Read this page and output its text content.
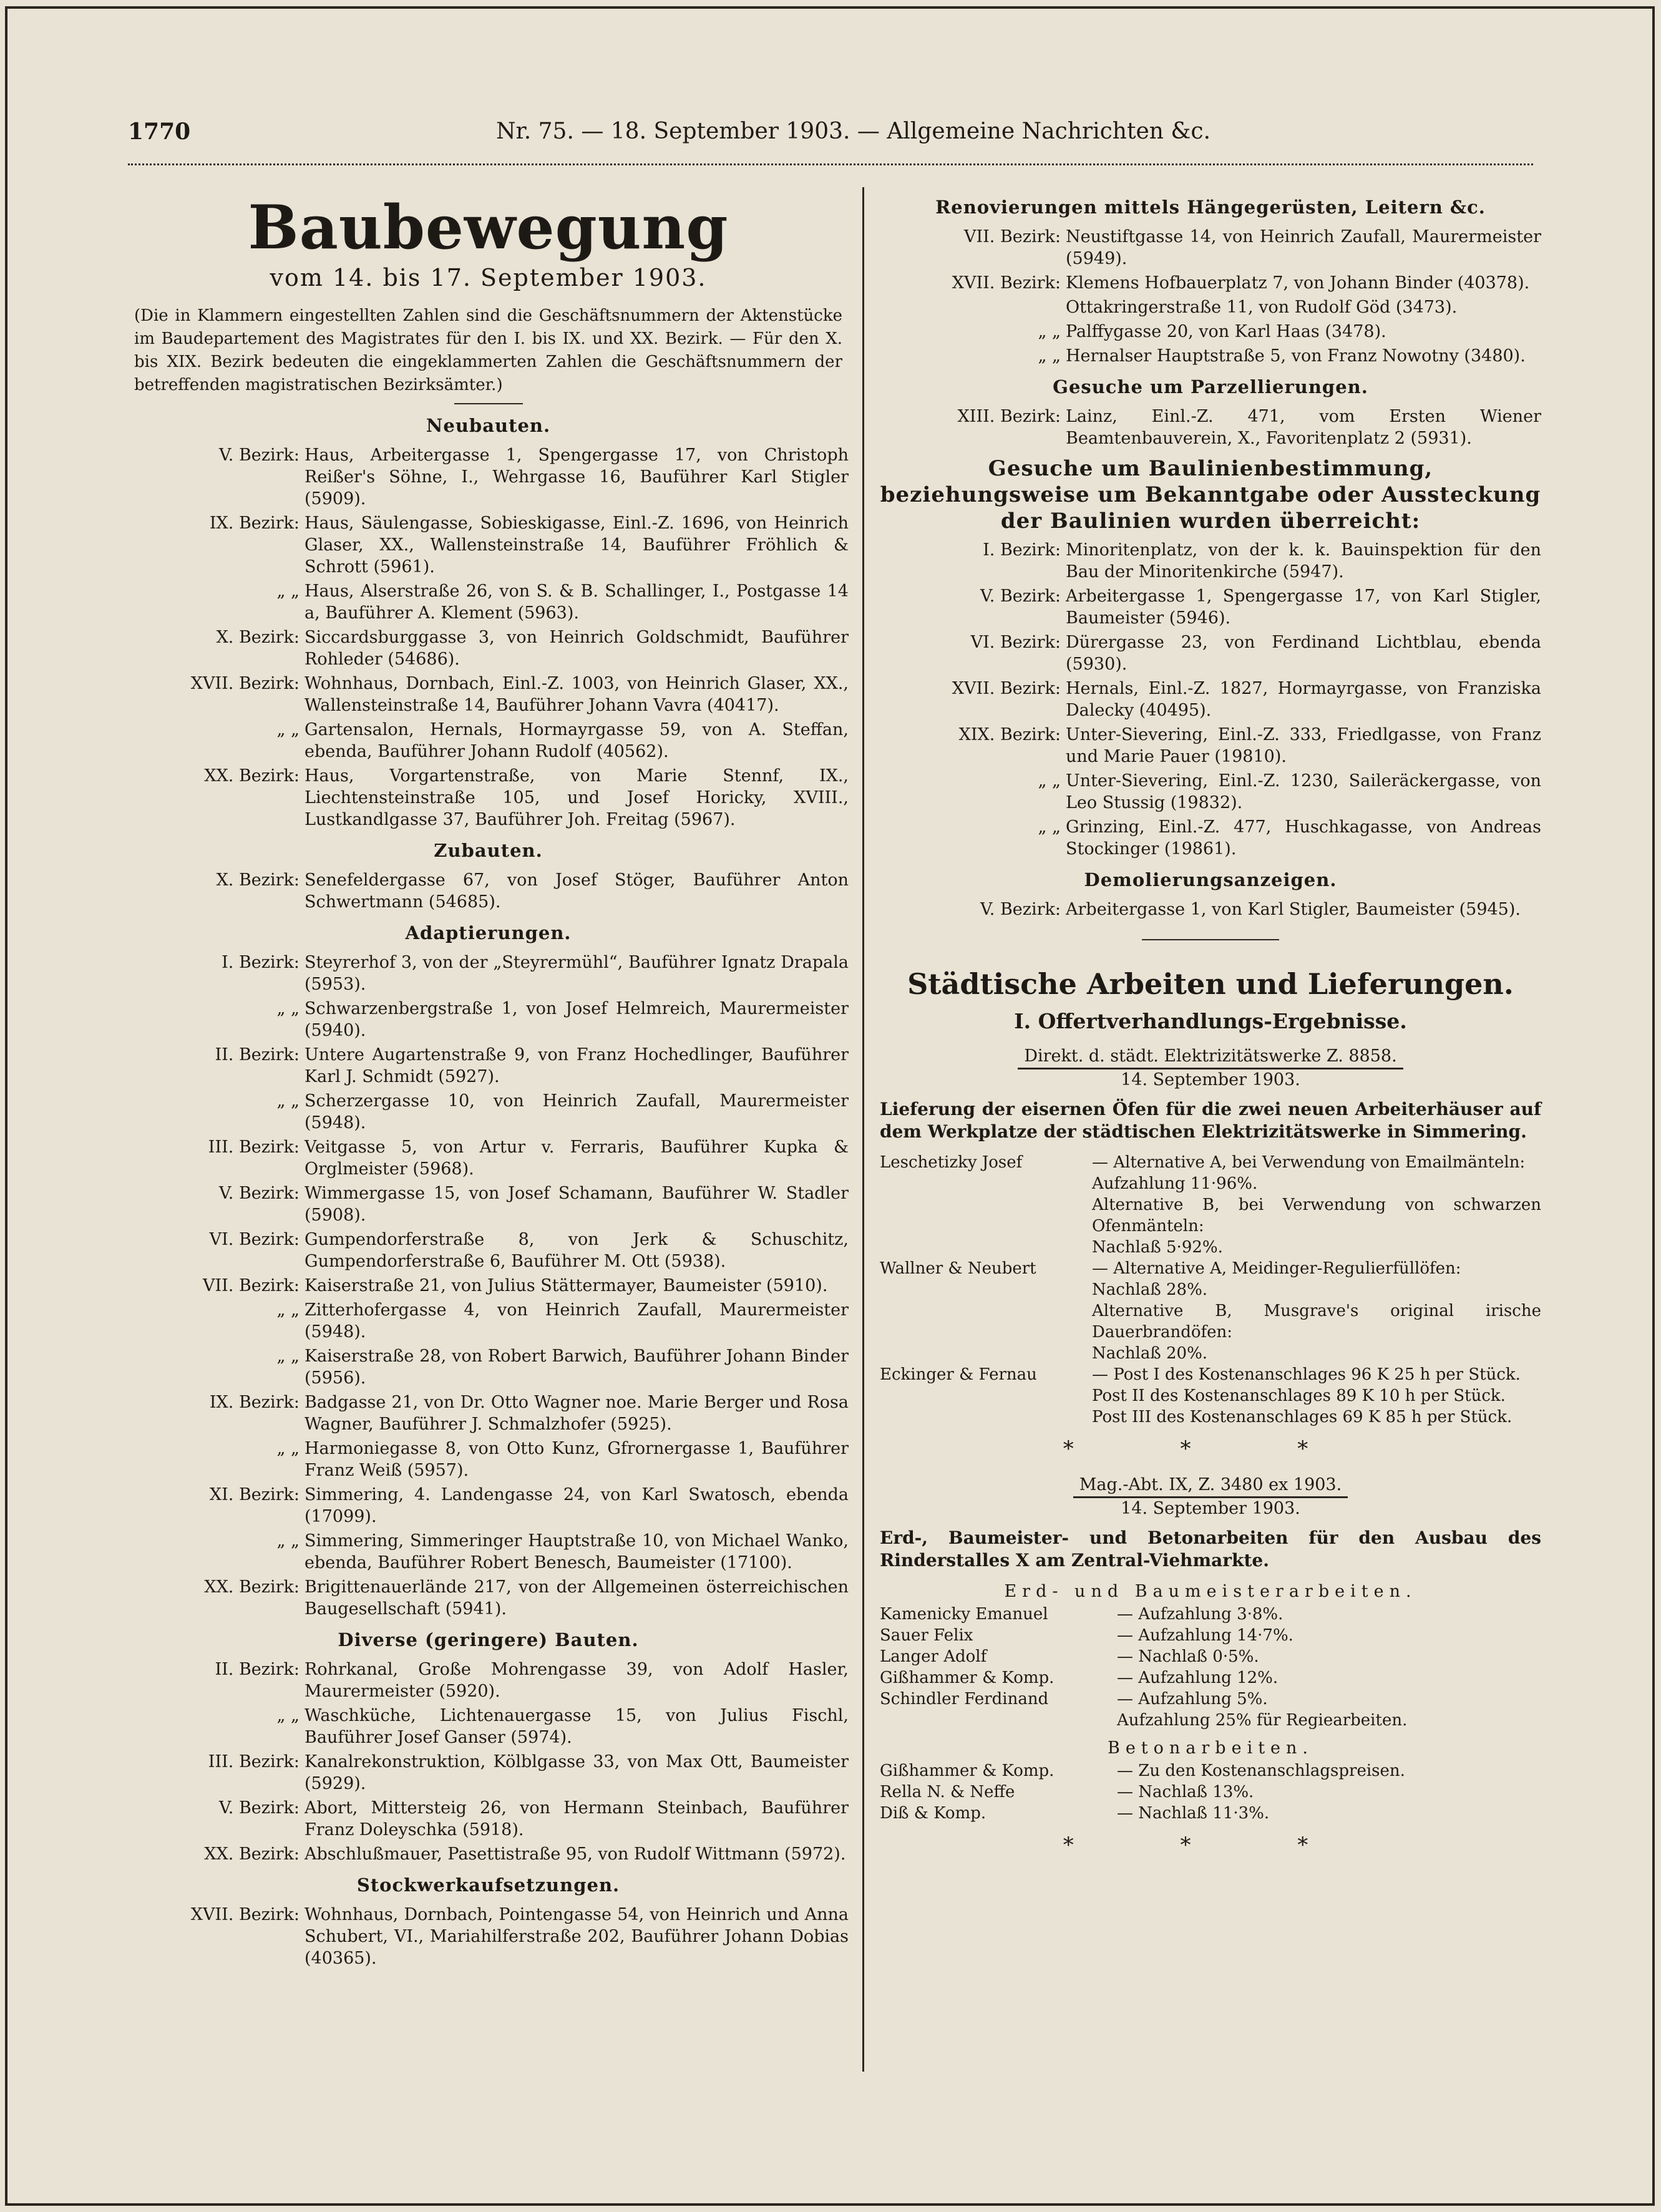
1770	Nr. 75. — 18. September 1903. — Allgemeine Nachrichten &c.
Baubewegung
vom 14. bis 17. September 1903.
(Die in Klammern eingestellten Zahlen sind die Geschäftsnummern der Aktenstücke im Baudepartement des Magistrates für den I. bis IX. und XX. Bezirk. — Für den X. bis XIX. Bezirk bedeuten die eingeklammerten Zahlen die Geschäftsnummern der betreffenden magistratischen Bezirksämter.)
Neubauten.
V. Bezirk: Haus, Arbeitergasse 1, Spengergasse 17, von Christoph Reißer's Söhne, I., Wehrgasse 16, Bauführer Karl Stigler (5909).
IX. Bezirk: Haus, Säulengasse, Sobieskigasse, Einl.-Z. 1696, von Heinrich Glaser, XX., Wallensteinstraße 14, Bauführer Fröhlich & Schrott (5961).
„ „ Haus, Alserstraße 26, von S. & B. Schallinger, I., Postgasse 14 a, Bauführer A. Klement (5963).
X. Bezirk: Siccardsburggasse 3, von Heinrich Goldschmidt, Bauführer Rohleder (54686).
XVII. Bezirk: Wohnhaus, Dornbach, Einl.-Z. 1003, von Heinrich Glaser, XX., Wallensteinstraße 14, Bauführer Johann Vavra (40417).
„ „ Gartensalon, Hernals, Hormayrgasse 59, von A. Steffan, ebenda, Bauführer Johann Rudolf (40562).
XX. Bezirk: Haus, Vorgartenstraße, von Marie Stennf, IX., Liechtensteinstraße 105, und Josef Horicky, XVIII., Lustkandlgasse 37, Bauführer Joh. Freitag (5967).
Zubauten.
X. Bezirk: Senefeldergasse 67, von Josef Stöger, Bauführer Anton Schwertmann (54685).
Adaptierungen.
I. Bezirk: Steyrerhof 3, von der „Steyrermühl“, Bauführer Ignatz Drapala (5953).
„ „ Schwarzenbergstraße 1, von Josef Helmreich, Maurermeister (5940).
II. Bezirk: Untere Augartenstraße 9, von Franz Hochedlinger, Bauführer Karl J. Schmidt (5927).
„ „ Scherzergasse 10, von Heinrich Zaufall, Maurermeister (5948).
III. Bezirk: Veitgasse 5, von Artur v. Ferraris, Bauführer Kupka & Orglmeister (5968).
V. Bezirk: Wimmergasse 15, von Josef Schamann, Bauführer W. Stadler (5908).
VI. Bezirk: Gumpendorferstraße 8, von Jerk & Schuschitz, Gumpendorferstraße 6, Bauführer M. Ott (5938).
VII. Bezirk: Kaiserstraße 21, von Julius Stättermayer, Baumeister (5910).
„ „ Zitterhofergasse 4, von Heinrich Zaufall, Maurermeister (5948).
„ „ Kaiserstraße 28, von Robert Barwich, Bauführer Johann Binder (5956).
IX. Bezirk: Badgasse 21, von Dr. Otto Wagner noe. Marie Berger und Rosa Wagner, Bauführer J. Schmalzhofer (5925).
„ „ Harmoniegasse 8, von Otto Kunz, Gfrornergasse 1, Bauführer Franz Weiß (5957).
XI. Bezirk: Simmering, 4. Landengasse 24, von Karl Swatosch, ebenda (17099).
„ „ Simmering, Simmeringer Hauptstraße 10, von Michael Wanko, ebenda, Bauführer Robert Benesch, Baumeister (17100).
XX. Bezirk: Brigittenauerlände 217, von der Allgemeinen österreichischen Baugesellschaft (5941).
Diverse (geringere) Bauten.
II. Bezirk: Rohrkanal, Große Mohrengasse 39, von Adolf Hasler, Maurermeister (5920).
„ „ Waschküche, Lichtenauergasse 15, von Julius Fischl, Bauführer Josef Ganser (5974).
III. Bezirk: Kanalrekonstruktion, Kölblgasse 33, von Max Ott, Baumeister (5929).
V. Bezirk: Abort, Mittersteig 26, von Hermann Steinbach, Bauführer Franz Doleyschka (5918).
XX. Bezirk: Abschlußmauer, Pasettistraße 95, von Rudolf Wittmann (5972).
Stockwerkaufsetzungen.
XVII. Bezirk: Wohnhaus, Dornbach, Pointengasse 54, von Heinrich und Anna Schubert, VI., Mariahilferstraße 202, Bauführer Johann Dobias (40365).
Renovierungen mittels Hängegerüsten, Leitern &c.
VII. Bezirk: Neustiftgasse 14, von Heinrich Zaufall, Maurermeister (5949).
XVII. Bezirk: Klemens Hofbauerplatz 7, von Johann Binder (40378).
Ottakringerstraße 11, von Rudolf Göd (3473).
„ „ Palffygasse 20, von Karl Haas (3478).
„ „ Hernalser Hauptstraße 5, von Franz Nowotny (3480).
Gesuche um Parzellierungen.
XIII. Bezirk: Lainz, Einl.-Z. 471, vom Ersten Wiener Beamtenbauverein, X., Favoritenplatz 2 (5931).
Gesuche um Baulinienbestimmung, beziehungsweise um Bekanntgabe oder Aussteckung der Baulinien wurden überreicht:
I. Bezirk: Minoritenplatz, von der k. k. Bauinspektion für den Bau der Minoritenkirche (5947).
V. Bezirk: Arbeitergasse 1, Spengergasse 17, von Karl Stigler, Baumeister (5946).
VI. Bezirk: Dürergasse 23, von Ferdinand Lichtblau, ebenda (5930).
XVII. Bezirk: Hernals, Einl.-Z. 1827, Hormayrgasse, von Franziska Dalecky (40495).
XIX. Bezirk: Unter-Sievering, Einl.-Z. 333, Friedlgasse, von Franz und Marie Pauer (19810).
„ „ Unter-Sievering, Einl.-Z. 1230, Saileräckergasse, von Leo Stussig (19832).
„ „ Grinzing, Einl.-Z. 477, Huschkagasse, von Andreas Stockinger (19861).
Demolierungsanzeigen.
V. Bezirk: Arbeitergasse 1, von Karl Stigler, Baumeister (5945).
Städtische Arbeiten und Lieferungen.
I. Offertverhandlungs-Ergebnisse.
Direkt. d. städt. Elektrizitätswerke Z. 8858.
14. September 1903.
Lieferung der eisernen Öfen für die zwei neuen Arbeiterhäuser auf dem Werkplatze der städtischen Elektrizitätswerke in Simmering.
Leschetizky Josef	— Alternative A, bei Verwendung von Emailmänteln:
Aufzahlung 11·96%.
Alternative B, bei Verwendung von schwarzen Ofenmänteln:
Nachlaß 5·92%.
Wallner & Neubert	— Alternative A, Meidinger-Regulierfüllöfen:
Nachlaß 28%.
Alternative B, Musgrave's original irische Dauerbrandöfen:
Nachlaß 20%.
Eckinger & Fernau	— Post I des Kostenanschlages 96 K 25 h per Stück.
Post II des Kostenanschlages 89 K 10 h per Stück.
Post III des Kostenanschlages 69 K 85 h per Stück.
* * *
Mag.-Abt. IX, Z. 3480 ex 1903.
14. September 1903.
Erd-, Baumeister- und Betonarbeiten für den Ausbau des Rinderstalles X am Zentral-Viehmarkte.
Erd- und Baumeisterarbeiten.
Kamenicky Emanuel	— Aufzahlung 3·8%.
Sauer Felix	— Aufzahlung 14·7%.
Langer Adolf	— Nachlaß 0·5%.
Gißhammer & Komp.	— Aufzahlung 12%.
Schindler Ferdinand	— Aufzahlung 5%.
Aufzahlung 25% für Regiearbeiten.
Betonarbeiten.
Gißhammer & Komp.	— Zu den Kostenanschlagspreisen.
Rella N. & Neffe	— Nachlaß 13%.
Diß & Komp.	— Nachlaß 11·3%.
* * *
